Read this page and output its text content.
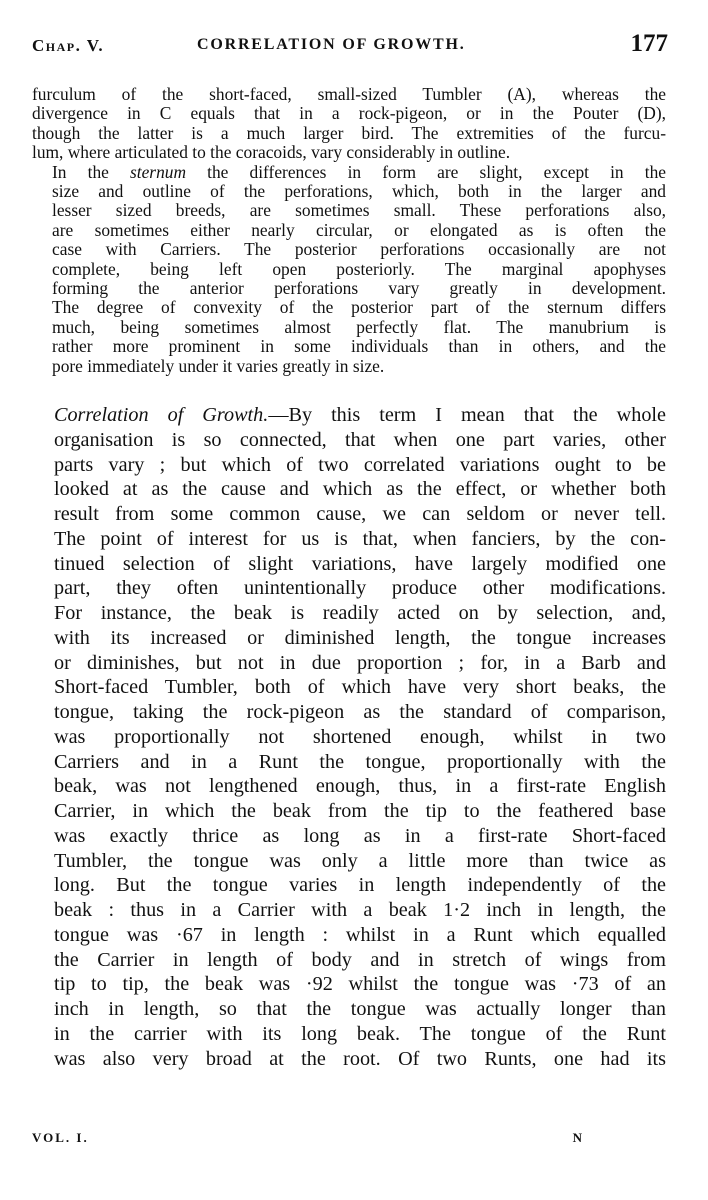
Chap. V.	CORRELATION OF GROWTH.	177

furculum of the short-faced, small-sized Tumbler (A), whereas the
divergence in C equals that in a rock-pigeon, or in the Pouter (D),
though the latter is a much larger bird. The extremities of the furcu-
lum, where articulated to the coracoids, vary considerably in outline.

In the sternum the differences in form are slight, except in the
size and outline of the perforations, which, both in the larger and
lesser sized breeds, are sometimes small. These perforations also,
are sometimes either nearly circular, or elongated as is often the
case with Carriers. The posterior perforations occasionally are not
complete, being left open posteriorly. The marginal apophyses
forming the anterior perforations vary greatly in development.
The degree of convexity of the posterior part of the sternum differs
much, being sometimes almost perfectly flat. The manubrium is
rather more prominent in some individuals than in others, and the
pore immediately under it varies greatly in size.

Correlation of Growth.—By this term I mean that the whole
organisation is so connected, that when one part varies, other
parts vary ; but which of two correlated variations ought to be
looked at as the cause and which as the effect, or whether both
result from some common cause, we can seldom or never tell.
The point of interest for us is that, when fanciers, by the con-
tinued selection of slight variations, have largely modified one
part, they often unintentionally produce other modifications.
For instance, the beak is readily acted on by selection, and,
with its increased or diminished length, the tongue increases
or diminishes, but not in due proportion ; for, in a Barb and
Short-faced Tumbler, both of which have very short beaks, the
tongue, taking the rock-pigeon as the standard of comparison,
was proportionally not shortened enough, whilst in two
Carriers and in a Runt the tongue, proportionally with the
beak, was not lengthened enough, thus, in a first-rate English
Carrier, in which the beak from the tip to the feathered base
was exactly thrice as long as in a first-rate Short-faced
Tumbler, the tongue was only a little more than twice as
long. But the tongue varies in length independently of the
beak : thus in a Carrier with a beak 1·2 inch in length, the
tongue was ·67 in length : whilst in a Runt which equalled
the Carrier in length of body and in stretch of wings from
tip to tip, the beak was ·92 whilst the tongue was ·73 of an
inch in length, so that the tongue was actually longer than
in the carrier with its long beak. The tongue of the Runt
was also very broad at the root. Of two Runts, one had its

VOL. I.	N
